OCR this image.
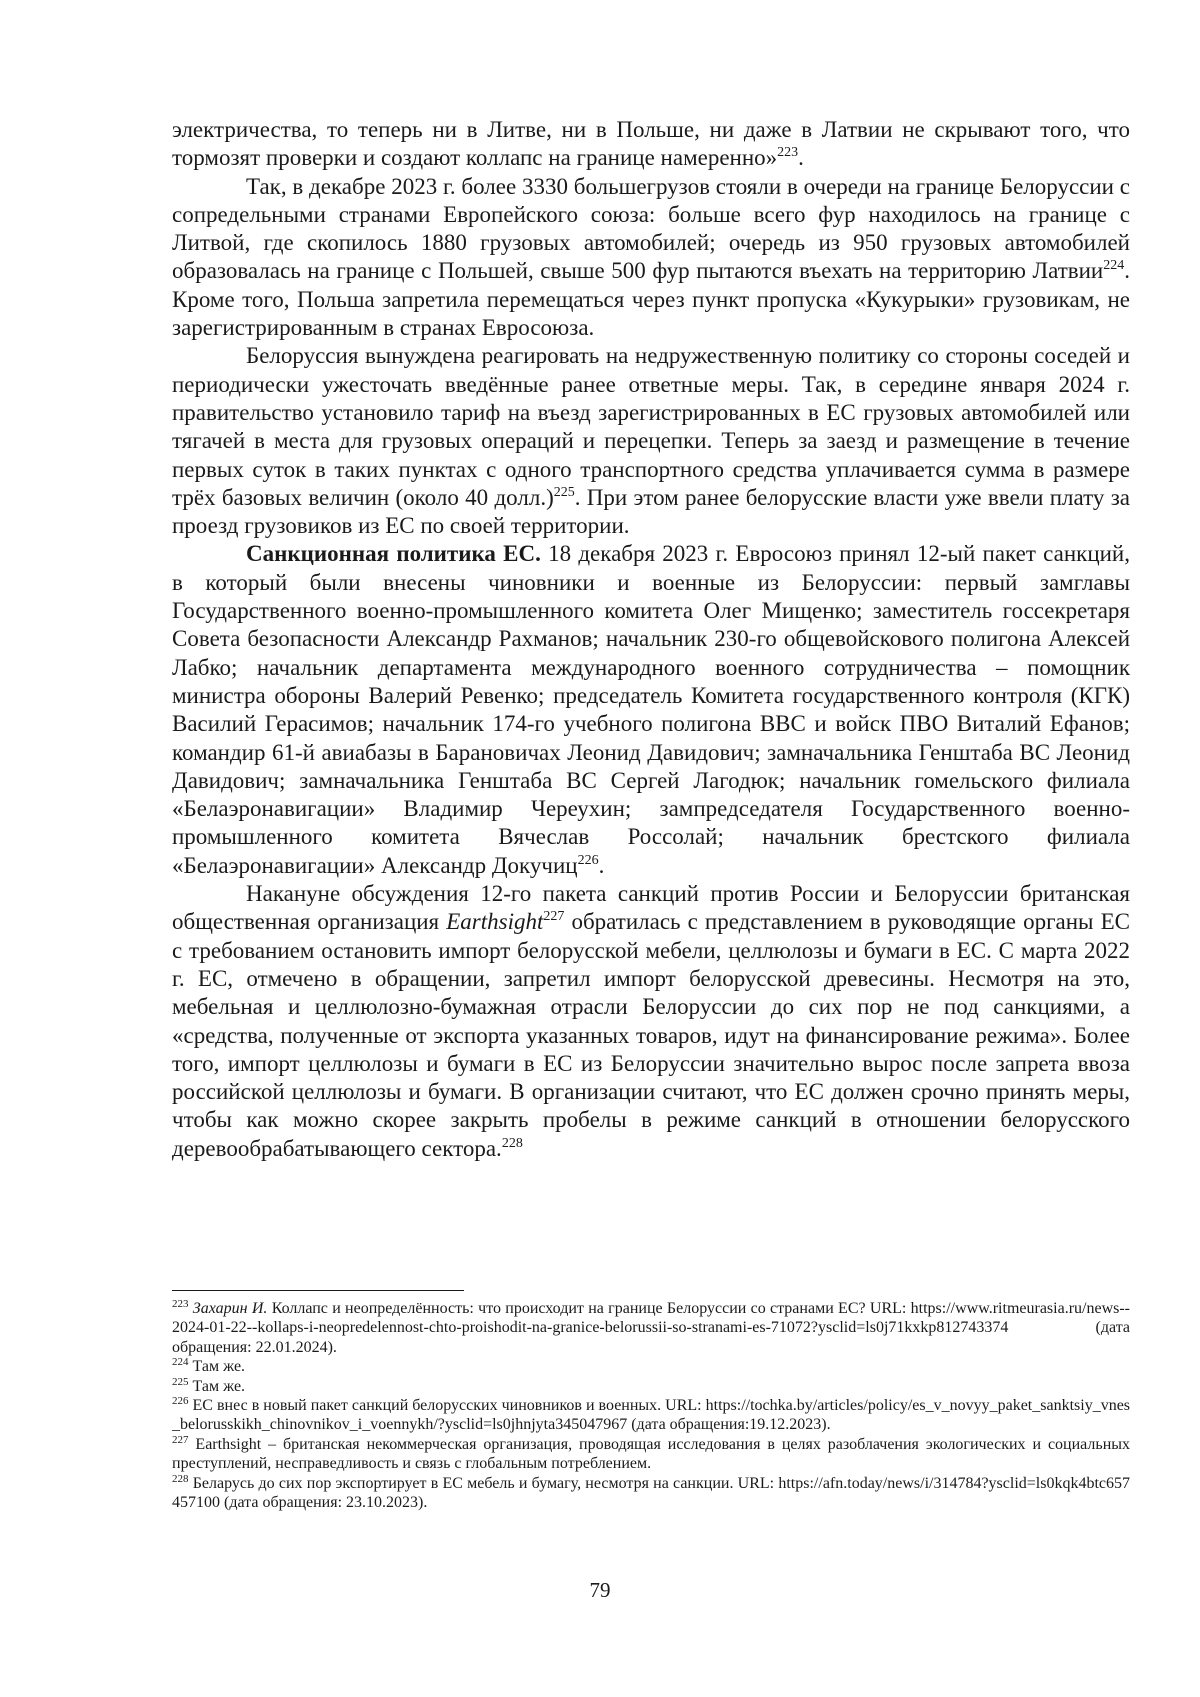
электричества, то теперь ни в Литве, ни в Польше, ни даже в Латвии не скрывают того, что тормозят проверки и создают коллапс на границе намеренно»$^{223}$.

Так, в декабре 2023 г. более 3330 большегрузов стояли в очереди на границе Белоруссии с сопредельными странами Европейского союза: больше всего фур находилось на границе с Литвой, где скопилось 1880 грузовых автомобилей; очередь из 950 грузовых автомобилей образовалась на границе с Польшей, свыше 500 фур пытаются въехать на территорию Латвии$^{224}$. Кроме того, Польша запретила перемещаться через пункт пропуска «Кукурыки» грузовикам, не зарегистрированным в странах Евросоюза.

Белоруссия вынуждена реагировать на недружественную политику со стороны соседей и периодически ужесточать введённые ранее ответные меры. Так, в середине января 2024 г. правительство установило тариф на въезд зарегистрированных в ЕС грузовых автомобилей или тягачей в места для грузовых операций и перецепки. Теперь за заезд и размещение в течение первых суток в таких пунктах с одного транспортного средства уплачивается сумма в размере трёх базовых величин (около 40 долл.)$^{225}$. При этом ранее белорусские власти уже ввели плату за проезд грузовиков из ЕС по своей территории.

Санкционная политика ЕС. 18 декабря 2023 г. Евросоюз принял 12-ый пакет санкций, в который были внесены чиновники и военные из Белоруссии: первый замглавы Государственного военно-промышленного комитета Олег Мищенко; заместитель госсекретаря Совета безопасности Александр Рахманов; начальник 230-го общевойскового полигона Алексей Лабко; начальник департамента международного военного сотрудничества – помощник министра обороны Валерий Ревенко; председатель Комитета государственного контроля (КГК) Василий Герасимов; начальник 174-го учебного полигона ВВС и войск ПВО Виталий Ефанов; командир 61-й авиабазы в Барановичах Леонид Давидович; замначальника Генштаба ВС Леонид Давидович; замначальника Генштаба ВС Сергей Лагодюк; начальник гомельского филиала «Белаэронавигации» Владимир Череухин; зампредседателя Государственного военно-промышленного комитета Вячеслав Россолай; начальник брестского филиала «Белаэронавигации» Александр Докучиц$^{226}$.

Накануне обсуждения 12-го пакета санкций против России и Белоруссии британская общественная организация Earthsight$^{227}$ обратилась с представлением в руководящие органы ЕС с требованием остановить импорт белорусской мебели, целлюлозы и бумаги в ЕС. С марта 2022 г. ЕС, отмечено в обращении, запретил импорт белорусской древесины. Несмотря на это, мебельная и целлюлозно-бумажная отрасли Белоруссии до сих пор не под санкциями, а «средства, полученные от экспорта указанных товаров, идут на финансирование режима». Более того, импорт целлюлозы и бумаги в ЕС из Белоруссии значительно вырос после запрета ввоза российской целлюлозы и бумаги. В организации считают, что ЕС должен срочно принять меры, чтобы как можно скорее закрыть пробелы в режиме санкций в отношении белорусского деревообрабатывающего сектора.$^{228}$

$^{223}$ Захарин И. Коллапс и неопределённость: что происходит на границе Белоруссии со странами ЕС? URL: https://www.ritmeurasia.ru/news--2024-01-22--kollaps-i-neopredelennost-chto-proishodit-na-granice-belorussii-so-stranami-es-71072?ysclid=ls0j71kxkp812743374 (дата обращения: 22.01.2024).

$^{224}$ Там же.

$^{225}$ Там же.

$^{226}$ ЕС внес в новый пакет санкций белорусских чиновников и военных. URL: https://tochka.by/articles/policy/es_v_novyy_paket_sanktsiy_vnes_belorusskikh_chinovnikov_i_voennykh/?ysclid=ls0jhnjyta345047967 (дата обращения:19.12.2023).

$^{227}$ Earthsight – британская некоммерческая организация, проводящая исследования в целях разоблачения экологических и социальных преступлений, несправедливость и связь с глобальным потреблением.

$^{228}$ Беларусь до сих пор экспортирует в ЕС мебель и бумагу, несмотря на санкции. URL: https://afn.today/news/i/314784?ysclid=ls0kqk4btc657457100 (дата обращения: 23.10.2023).

79
